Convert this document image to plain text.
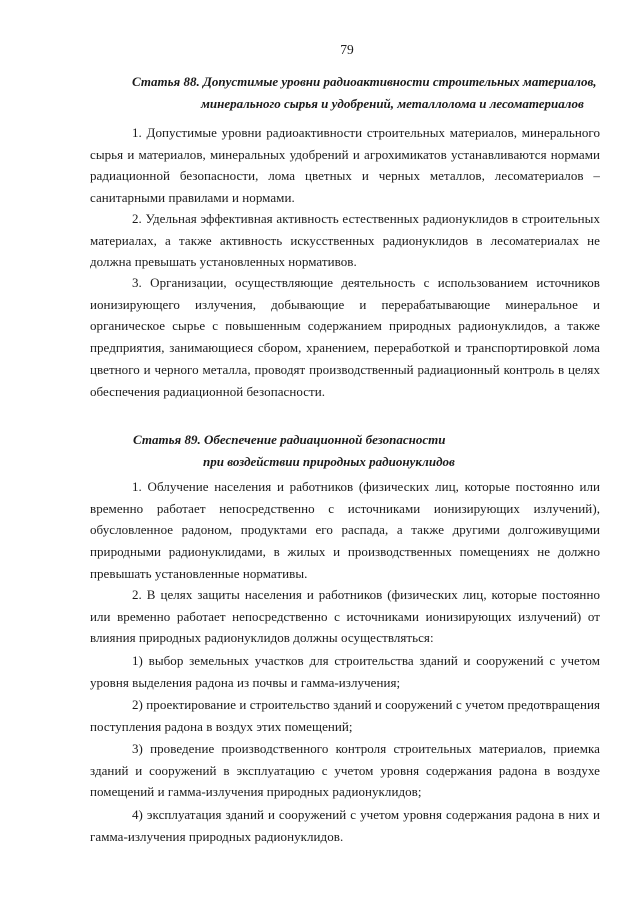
79
Статья 88. Допустимые уровни радиоактивности строительных материалов,
минерального сырья и удобрений, металлолома и лесоматериалов
1. Допустимые уровни радиоактивности строительных материалов, минерального сырья и материалов, минеральных удобрений и агрохимикатов устанавливаются нормами радиационной безопасности, лома цветных и черных металлов, лесоматериалов – санитарными правилами и нормами.
2. Удельная эффективная активность естественных радионуклидов в строительных материалах, а также активность искусственных радионуклидов в лесоматериалах не должна превышать установленных нормативов.
3. Организации, осуществляющие деятельность с использованием источников ионизирующего излучения, добывающие и перерабатывающие минеральное и органическое сырье с повышенным содержанием природных радионуклидов, а также предприятия, занимающиеся сбором, хранением, переработкой и транспортировкой лома цветного и черного металла, проводят производственный радиационный контроль в целях обеспечения радиационной безопасности.
Статья 89. Обеспечение радиационной безопасности
при воздействии природных радионуклидов
1. Облучение населения и работников (физических лиц, которые постоянно или временно работает непосредственно с источниками ионизирующих излучений), обусловленное радоном, продуктами его распада, а также другими долгоживущими природными радионуклидами, в жилых и производственных помещениях не должно превышать установленные нормативы.
2. В целях защиты населения и работников (физических лиц, которые постоянно или временно работает непосредственно с источниками ионизирующих излучений) от влияния природных радионуклидов должны осуществляться:
1) выбор земельных участков для строительства зданий и сооружений с учетом уровня выделения радона из почвы и гамма-излучения;
2) проектирование и строительство зданий и сооружений с учетом предотвращения поступления радона в воздух этих помещений;
3) проведение производственного контроля строительных материалов, приемка зданий и сооружений в эксплуатацию с учетом уровня содержания радона в воздухе помещений и гамма-излучения природных радионуклидов;
4) эксплуатация зданий и сооружений с учетом уровня содержания радона в них и гамма-излучения природных радионуклидов.
